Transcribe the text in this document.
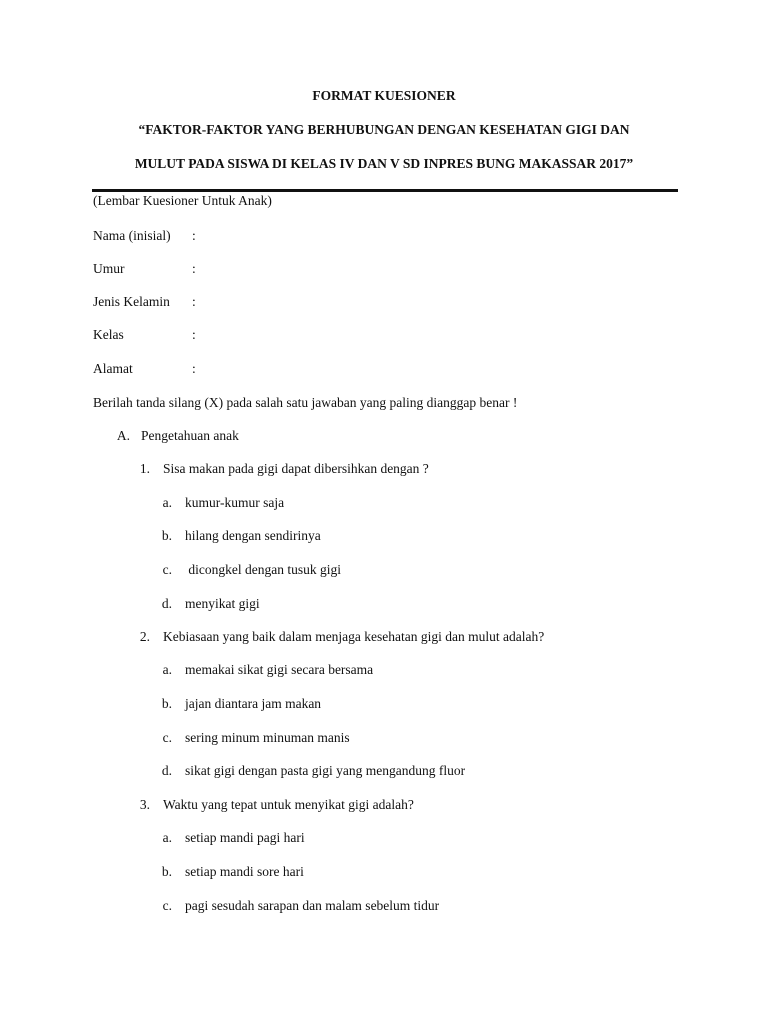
FORMAT KUESIONER
“FAKTOR-FAKTOR YANG BERHUBUNGAN DENGAN KESEHATAN GIGI DAN
MULUT PADA SISWA DI KELAS IV DAN V SD INPRES BUNG MAKASSAR 2017”
(Lembar Kuesioner Untuk Anak)
Nama (inisial) :
Umur	:
Jenis Kelamin :
Kelas	:
Alamat	:
Berilah tanda silang (X) pada salah satu jawaban yang paling dianggap benar !
A. Pengetahuan anak
1. Sisa makan pada gigi dapat dibersihkan dengan ?
a. kumur-kumur saja
b. hilang dengan sendirinya
c. dicongkel dengan tusuk gigi
d. menyikat gigi
2. Kebiasaan yang baik dalam menjaga kesehatan gigi dan mulut adalah?
a. memakai sikat gigi secara bersama
b. jajan diantara jam makan
c. sering minum minuman manis
d. sikat gigi dengan pasta gigi yang mengandung fluor
3. Waktu yang tepat untuk menyikat gigi adalah?
a. setiap mandi pagi hari
b. setiap mandi sore hari
c. pagi sesudah sarapan dan malam sebelum tidur
